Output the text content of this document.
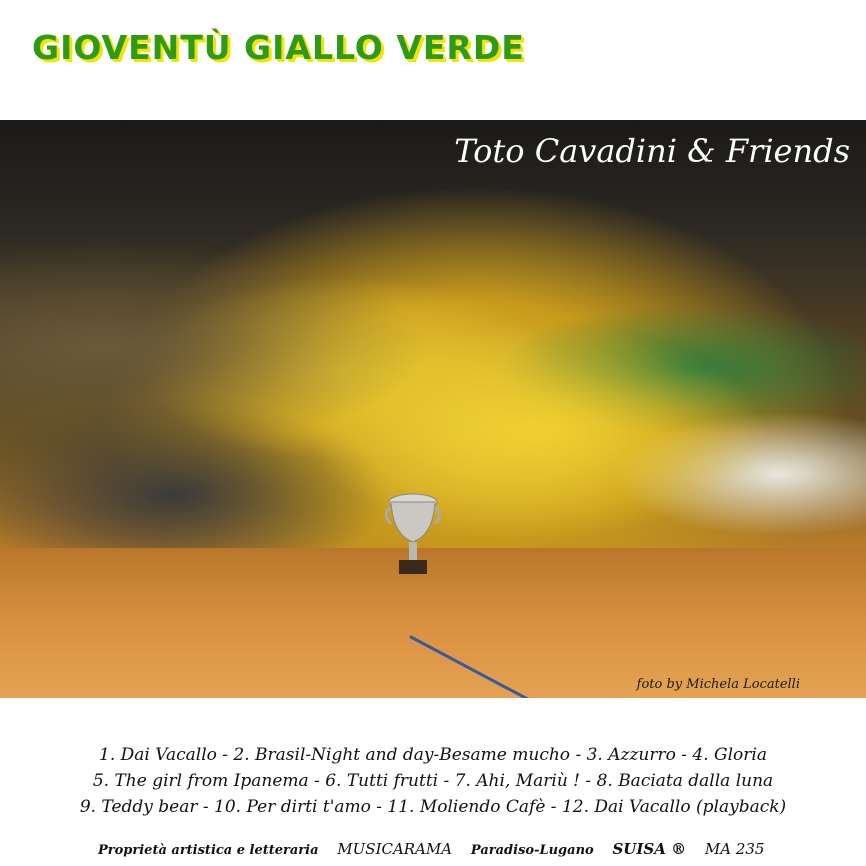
GIOVENTÙ GIALLO VERDE
Toto Cavadini & Friends
foto by Michela Locatelli
1. Dai Vacallo - 2. Brasil-Night and day-Besame mucho - 3. Azzurro - 4. Gloria
5. The girl from Ipanema - 6. Tutti frutti - 7. Ahi, Mariù ! - 8. Baciata dalla luna
9. Teddy bear - 10. Per dirti t'amo - 11. Moliendo Cafè - 12. Dai Vacallo (playback)
Proprietà artistica e letteraria MUSICARAMA Paradiso-Lugano SUISA ® MA 235
